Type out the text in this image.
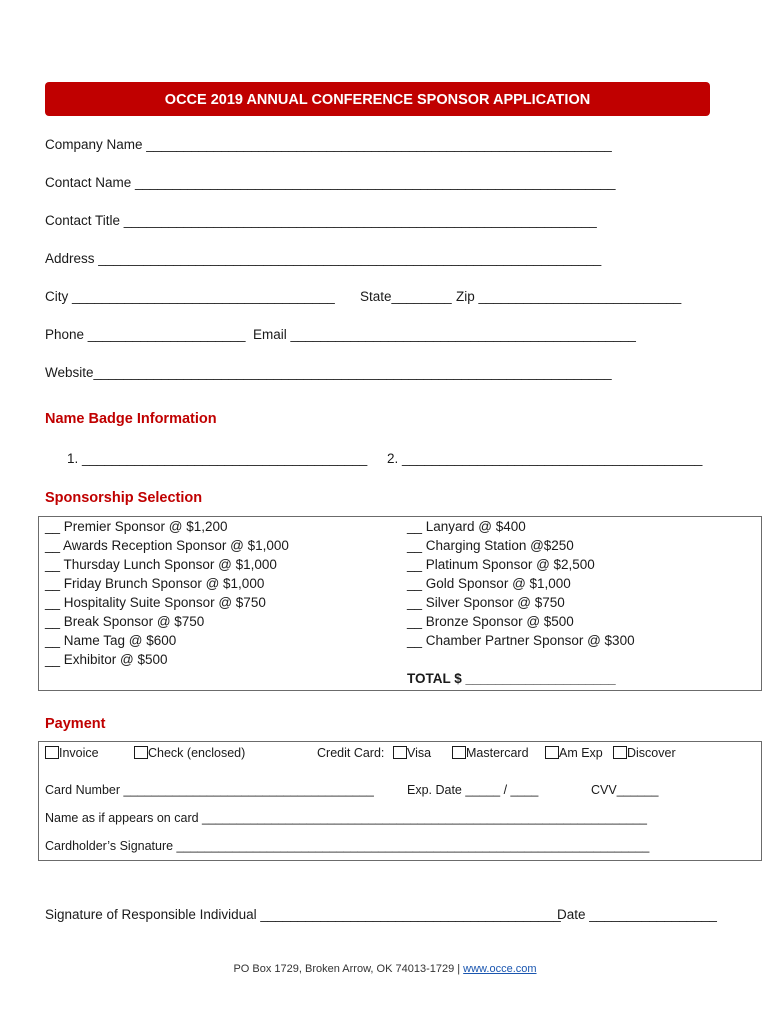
OCCE 2019 ANNUAL CONFERENCE SPONSOR APPLICATION
Company Name ______________________________________________________________
Contact Name ________________________________________________________________
Contact Title _______________________________________________________________
Address ___________________________________________________________________
City ___________________________________ State________ Zip ___________________________
Phone _____________________ Email ______________________________________________
Website_____________________________________________________________________
Name Badge Information
1. ______________________________________ 2. ________________________________________
Sponsorship Selection
__ Premier Sponsor @ $1,200
__ Awards Reception Sponsor @ $1,000
__ Thursday Lunch Sponsor @ $1,000
__ Friday Brunch Sponsor @ $1,000
__ Hospitality Suite Sponsor @ $750
__ Break Sponsor @ $750
__ Name Tag @ $600
__ Exhibitor @ $500
__ Lanyard @ $400
__ Charging Station @$250
__ Platinum Sponsor @ $2,500
__ Gold Sponsor @ $1,000
__ Silver Sponsor @ $750
__ Bronze Sponsor @ $500
__ Chamber Partner Sponsor @ $300
TOTAL $ ____________________
Payment
Invoice	Check (enclosed)	Credit Card:	Visa	Mastercard	Am Exp	Discover
Card Number ____________________________________	Exp. Date _____ / ____	CVV______
Name as if appears on card ________________________________________________________________
Cardholder’s Signature ____________________________________________________________________
Signature of Responsible Individual ________________________________________
Date _________________
PO Box 1729, Broken Arrow, OK 74013-1729 | www.occe.com
